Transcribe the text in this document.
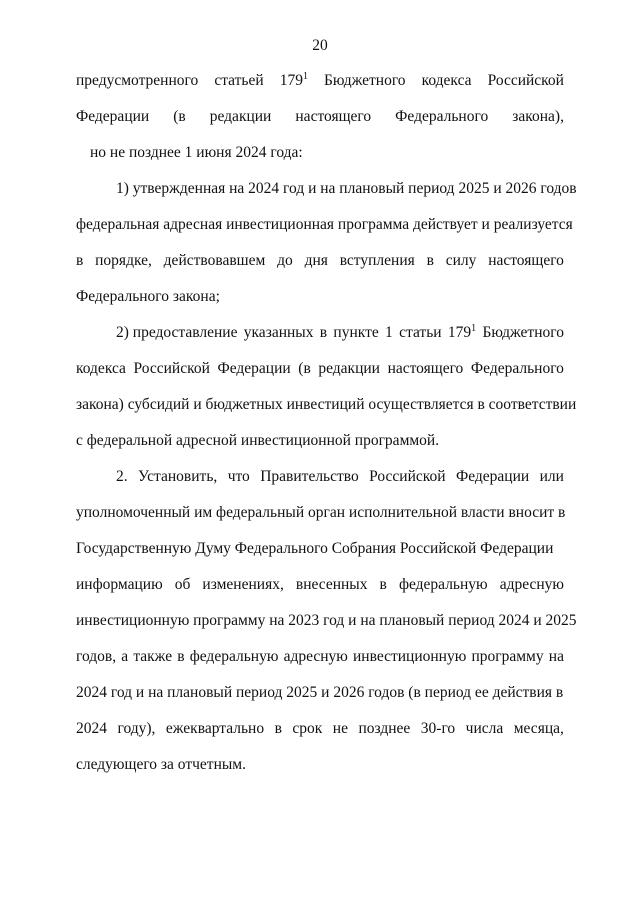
20
предусмотренного статьей $179^1$ Бюджетного кодекса Российской
Федерации (в редакции настоящего Федерального закона),
но не позднее 1 июня 2024 года:
1) утвержденная на 2024 год и на плановый период 2025 и 2026 годов
федеральная адресная инвестиционная программа действует и реализуется
в порядке, действовавшем до дня вступления в силу настоящего
Федерального закона;
2) предоставление указанных в пункте 1 статьи $179^1$ Бюджетного
кодекса Российской Федерации (в редакции настоящего Федерального
закона) субсидий и бюджетных инвестиций осуществляется в соответствии
с федеральной адресной инвестиционной программой.
2. Установить, что Правительство Российской Федерации или
уполномоченный им федеральный орган исполнительной власти вносит в
Государственную Думу Федерального Собрания Российской Федерации
информацию об изменениях, внесенных в федеральную адресную
инвестиционную программу на 2023 год и на плановый период 2024 и 2025
годов, а также в федеральную адресную инвестиционную программу на
2024 год и на плановый период 2025 и 2026 годов (в период ее действия в
2024 году), ежеквартально в срок не позднее 30-го числа месяца,
следующего за отчетным.
